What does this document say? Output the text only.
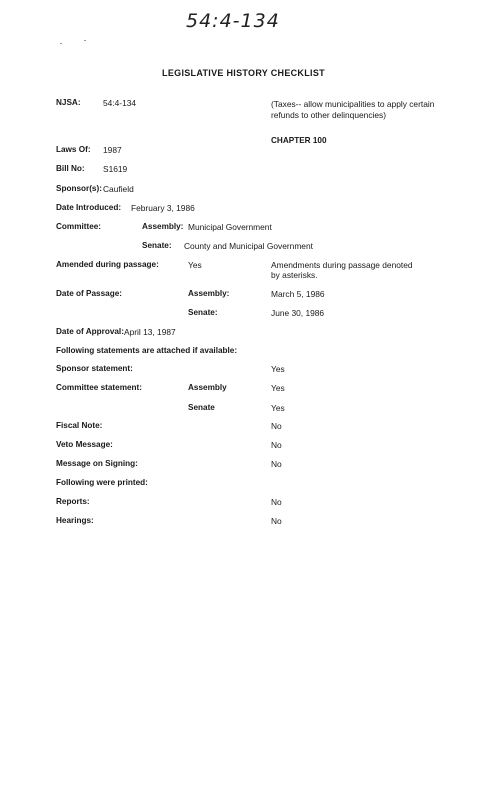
54:4-134
LEGISLATIVE HISTORY CHECKLIST
NJSA:	54:4-134	(Taxes-- allow municipalities to apply certain refunds to other delinquencies)
CHAPTER 100
Laws Of: 1987
Bill No: S1619
Sponsor(s): Caufield
Date Introduced: February 3, 1986
Committee:	Assembly: Municipal Government
Senate: County and Municipal Government
Amended during passage:	Yes	Amendments during passage denoted by asterisks.
Date of Passage:	Assembly:	March 5, 1986
Senate:	June 30, 1986
Date of Approval: April 13, 1987
Following statements are attached if available:
Sponsor statement:	Yes
Committee statement:	Assembly	Yes
Senate	Yes
Fiscal Note:	No
Veto Message:	No
Message on Signing:	No
Following were printed:
Reports:	No
Hearings:	No
